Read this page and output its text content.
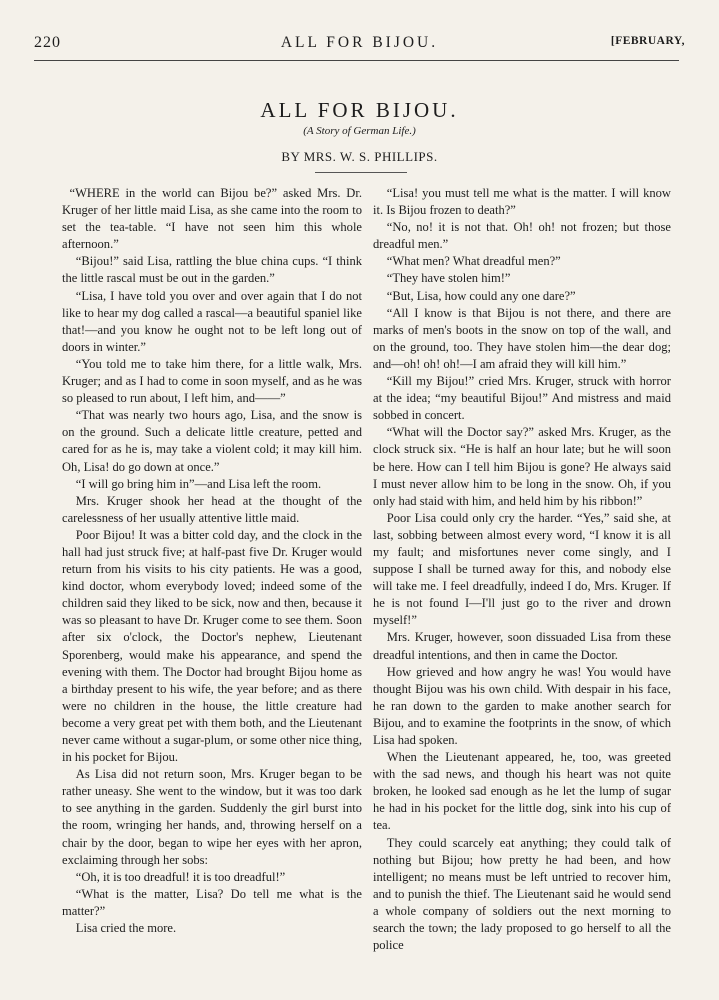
220	ALL FOR BIJOU.	[FEBRUARY,
ALL FOR BIJOU.
(A Story of German Life.)
BY MRS. W. S. PHILLIPS.

“WHERE in the world can Bijou be?” asked Mrs. Dr. Kruger of her little maid Lisa, as she came into the room to set the tea-table. “I have not seen him this whole afternoon.”

“Bijou!” said Lisa, rattling the blue china cups. “I think the little rascal must be out in the garden.”

“Lisa, I have told you over and over again that I do not like to hear my dog called a rascal—a beautiful spaniel like that!—and you know he ought not to be left long out of doors in winter.”

“You told me to take him there, for a little walk, Mrs. Kruger; and as I had to come in soon myself, and as he was so pleased to run about, I left him, and——”

“That was nearly two hours ago, Lisa, and the snow is on the ground. Such a delicate little creature, petted and cared for as he is, may take a violent cold; it may kill him. Oh, Lisa! do go down at once.”

“I will go bring him in”—and Lisa left the room.

Mrs. Kruger shook her head at the thought of the carelessness of her usually attentive little maid.

Poor Bijou! It was a bitter cold day, and the clock in the hall had just struck five; at half-past five Dr. Kruger would return from his visits to his city patients. He was a good, kind doctor, whom everybody loved; indeed some of the children said they liked to be sick, now and then, because it was so pleasant to have Dr. Kruger come to see them. Soon after six o'clock, the Doctor's nephew, Lieutenant Sporenberg, would make his appearance, and spend the evening with them. The Doctor had brought Bijou home as a birthday present to his wife, the year before; and as there were no children in the house, the little creature had become a very great pet with them both, and the Lieutenant never came without a sugar-plum, or some other nice thing, in his pocket for Bijou.

As Lisa did not return soon, Mrs. Kruger began to be rather uneasy. She went to the window, but it was too dark to see anything in the garden. Suddenly the girl burst into the room, wringing her hands, and, throwing herself on a chair by the door, began to wipe her eyes with her apron, exclaiming through her sobs:

“Oh, it is too dreadful! it is too dreadful!”

“What is the matter, Lisa? Do tell me what is the matter?”

Lisa cried the more.

“Lisa! you must tell me what is the matter. I will know it. Is Bijou frozen to death?”

“No, no! it is not that. Oh! oh! not frozen; but those dreadful men.”

“What men? What dreadful men?”

“They have stolen him!”

“But, Lisa, how could any one dare?”

“All I know is that Bijou is not there, and there are marks of men's boots in the snow on top of the wall, and on the ground, too. They have stolen him—the dear dog; and—oh! oh! oh!—I am afraid they will kill him.”

“Kill my Bijou!” cried Mrs. Kruger, struck with horror at the idea; “my beautiful Bijou!” And mistress and maid sobbed in concert.

“What will the Doctor say?” asked Mrs. Kruger, as the clock struck six. “He is half an hour late; but he will soon be here. How can I tell him Bijou is gone? He always said I must never allow him to be long in the snow. Oh, if you only had staid with him, and held him by his ribbon!”

Poor Lisa could only cry the harder. “Yes,” said she, at last, sobbing between almost every word, “I know it is all my fault; and misfortunes never come singly, and I suppose I shall be turned away for this, and nobody else will take me. I feel dreadfully, indeed I do, Mrs. Kruger. If he is not found I—I'll just go to the river and drown myself!”

Mrs. Kruger, however, soon dissuaded Lisa from these dreadful intentions, and then in came the Doctor.

How grieved and how angry he was! You would have thought Bijou was his own child. With despair in his face, he ran down to the garden to make another search for Bijou, and to examine the footprints in the snow, of which Lisa had spoken.

When the Lieutenant appeared, he, too, was greeted with the sad news, and though his heart was not quite broken, he looked sad enough as he let the lump of sugar he had in his pocket for the little dog, sink into his cup of tea.

They could scarcely eat anything; they could talk of nothing but Bijou; how pretty he had been, and how intelligent; no means must be left untried to recover him, and to punish the thief. The Lieutenant said he would send a whole company of soldiers out the next morning to search the town; the lady proposed to go herself to all the police
